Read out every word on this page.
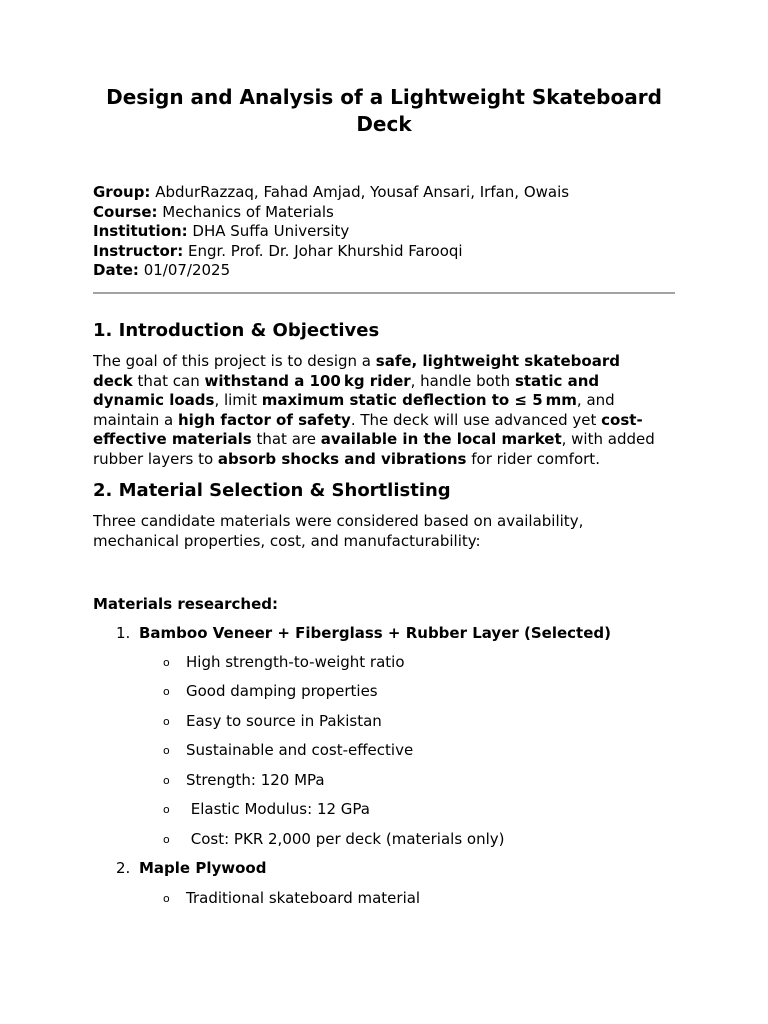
Design and Analysis of a Lightweight Skateboard
Deck
Group: AbdurRazzaq, Fahad Amjad, Yousaf Ansari, Irfan, Owais
Course: Mechanics of Materials
Institution: DHA Suffa University
Instructor: Engr. Prof. Dr. Johar Khurshid Farooqi
Date: 01/07/2025
1. Introduction & Objectives
The goal of this project is to design a safe, lightweight skateboard
deck that can withstand a 100 kg rider, handle both static and
dynamic loads, limit maximum static deflection to ≤ 5 mm, and
maintain a high factor of safety. The deck will use advanced yet cost-
effective materials that are available in the local market, with added
rubber layers to absorb shocks and vibrations for rider comfort.
2. Material Selection & Shortlisting
Three candidate materials were considered based on availability,
mechanical properties, cost, and manufacturability:
Materials researched:
1. Bamboo Veneer + Fiberglass + Rubber Layer (Selected)
o High strength-to-weight ratio
o Good damping properties
o Easy to source in Pakistan
o Sustainable and cost-effective
o Strength: 120 MPa
o Elastic Modulus: 12 GPa
o Cost: PKR 2,000 per deck (materials only)
2. Maple Plywood
o Traditional skateboard material
